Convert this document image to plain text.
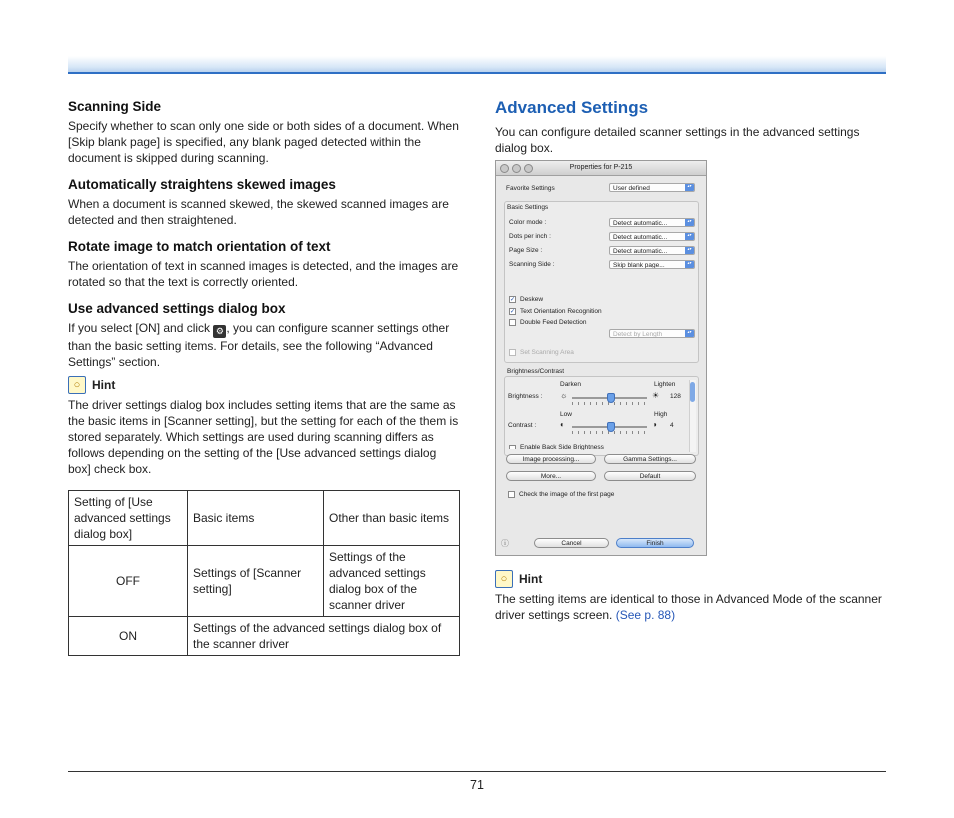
Scanning Side

Specify whether to scan only one side or both sides of a document. When [Skip blank page] is specified, any blank paged detected within the document is skipped during scanning.

Automatically straightens skewed images

When a document is scanned skewed, the skewed scanned images are detected and then straightened.

Rotate image to match orientation of text

The orientation of text in scanned images is detected, and the images are rotated so that the text is correctly oriented.

Use advanced settings dialog box

If you select [ON] and click ⚙ , you can configure scanner settings other than the basic setting items. For details, see the following “Advanced Settings” section.

○ Hint

The driver settings dialog box includes setting items that are the same as the basic items in [Scanner setting], but the setting for each of the them is stored separately. Which settings are used during scanning differs as follows depending on the setting of the [Use advanced settings dialog box] check box.

Setting of [Use advanced settings dialog box]	Basic items	Other than basic items
OFF	Settings of [Scanner setting]	Settings of the advanced settings dialog box of the scanner driver
ON	Settings of the advanced settings dialog box of the scanner driver	
Advanced Settings

You can configure detailed scanner settings in the advanced settings dialog box.

Properties for P-215
Favorite Settings	User defined ▴▾
Basic Settings
Color mode :	Detect automatic... ▴▾
Dots per inch :	Detect automatic... ▴▾
Page Size :	Detect automatic... ▴▾
Scanning Side :	Skip blank page... ▴▾
✓ Deskew
✓ Text Orientation Recognition
Double Feed Detection
Detect by Length ▴▾
Set Scanning Area
Brightness/Contrast
Darken	Lighten
Brightness : ☼	☀ 128
Low	High
Contrast :	◐	◑ 4
Enable Back Side Brightness
Image processing...	Gamma Settings...
More...	Default
Check the image of the first page
ⓘ	Cancel	Finish
○ Hint

The setting items are identical to those in Advanced Mode of the scanner driver settings screen. (See p. 88)

71
